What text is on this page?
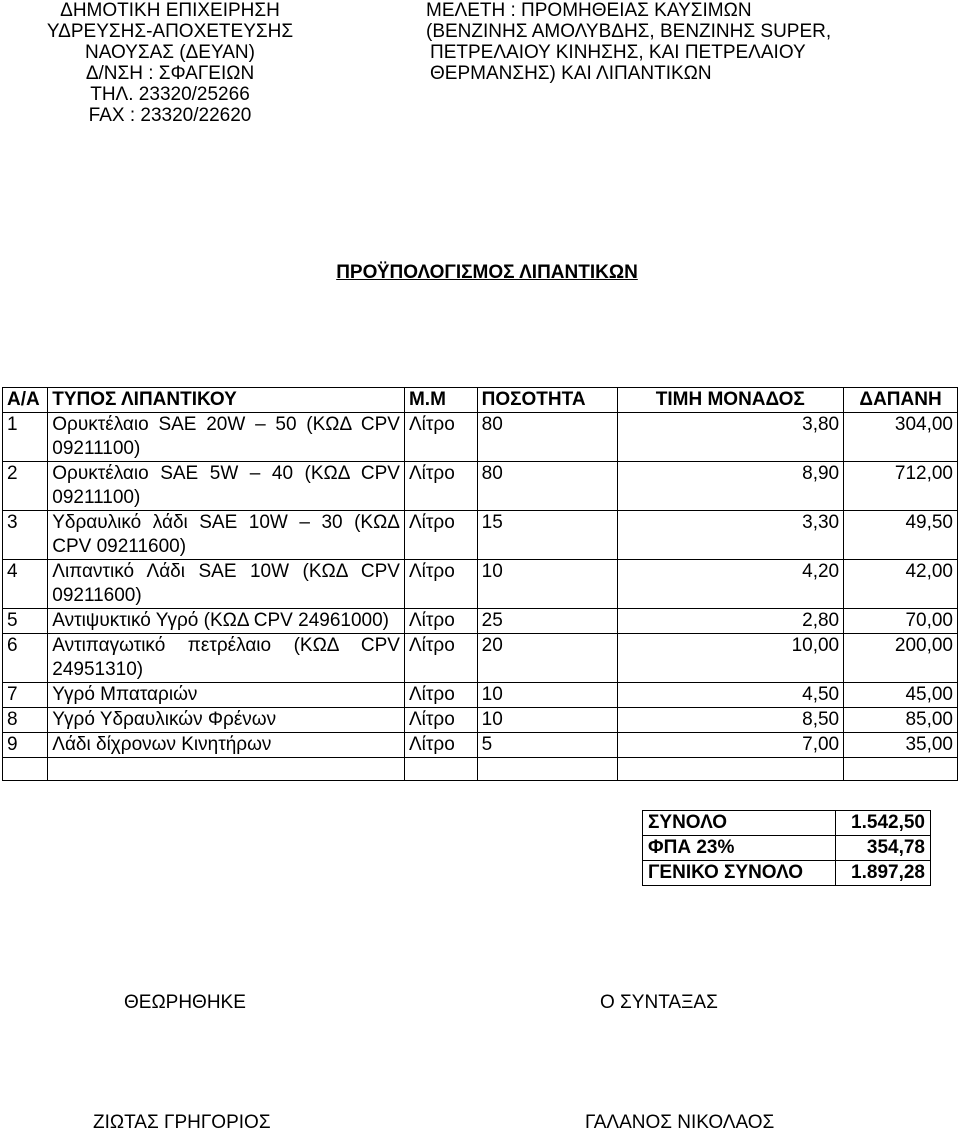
ΔΗΜΟΤΙΚΗ ΕΠΙΧΕΙΡΗΣΗ
ΥΔΡΕΥΣΗΣ-ΑΠΟΧΕΤΕΥΣΗΣ
ΝΑΟΥΣΑΣ (ΔΕΥΑΝ)
Δ/ΝΣΗ : ΣΦΑΓΕΙΩΝ
ΤΗΛ. 23320/25266
FAX : 23320/22620
ΜΕΛΕΤΗ : ΠΡΟΜΗΘΕΙΑΣ ΚΑΥΣΙΜΩΝ
(ΒΕΝΖΙΝΗΣ ΑΜΟΛΥΒΔΗΣ, ΒΕΝΖΙΝΗΣ SUPER,
ΠΕΤΡΕΛΑΙΟΥ ΚΙΝΗΣΗΣ, ΚΑΙ ΠΕΤΡΕΛΑΙΟΥ
ΘΕΡΜΑΝΣΗΣ) ΚΑΙ ΛΙΠΑΝΤΙΚΩΝ
ΠΡΟΫΠΟΛΟΓΙΣΜΟΣ ΛΙΠΑΝΤΙΚΩΝ
Α/Α	ΤΥΠΟΣ ΛΙΠΑΝΤΙΚΟΥ	Μ.Μ	ΠΟΣΟΤΗΤΑ	ΤΙΜΗ ΜΟΝΑΔΟΣ	ΔΑΠΑΝΗ
1	Ορυκτέλαιο SAE 20W – 50 (ΚΩΔ CPV 09211100)	Λίτρο	80	3,80	304,00
2	Ορυκτέλαιο SAE 5W – 40 (ΚΩΔ CPV 09211100)	Λίτρο	80	8,90	712,00
3	Υδραυλικό λάδι SAE 10W – 30 (ΚΩΔ CPV 09211600)	Λίτρο	15	3,30	49,50
4	Λιπαντικό Λάδι SAE 10W (ΚΩΔ CPV 09211600)	Λίτρο	10	4,20	42,00
5	Αντιψυκτικό Υγρό (ΚΩΔ CPV 24961000)	Λίτρο	25	2,80	70,00
6	Αντιπαγωτικό πετρέλαιο (ΚΩΔ CPV 24951310)	Λίτρο	20	10,00	200,00
7	Υγρό Μπαταριών	Λίτρο	10	4,50	45,00
8	Υγρό Υδραυλικών Φρένων	Λίτρο	10	8,50	85,00
9	Λάδι δίχρονων Κινητήρων	Λίτρο	5	7,00	35,00

ΣΥΝΟΛΟ	1.542,50
ΦΠΑ 23%	354,78
ΓΕΝΙΚΟ ΣΥΝΟΛΟ	1.897,28
ΘΕΩΡΗΘΗΚΕ	Ο ΣΥΝΤΑΞΑΣ
ΖΙΩΤΑΣ ΓΡΗΓΟΡΙΟΣ	ΓΑΛΑΝΟΣ ΝΙΚΟΛΑΟΣ
